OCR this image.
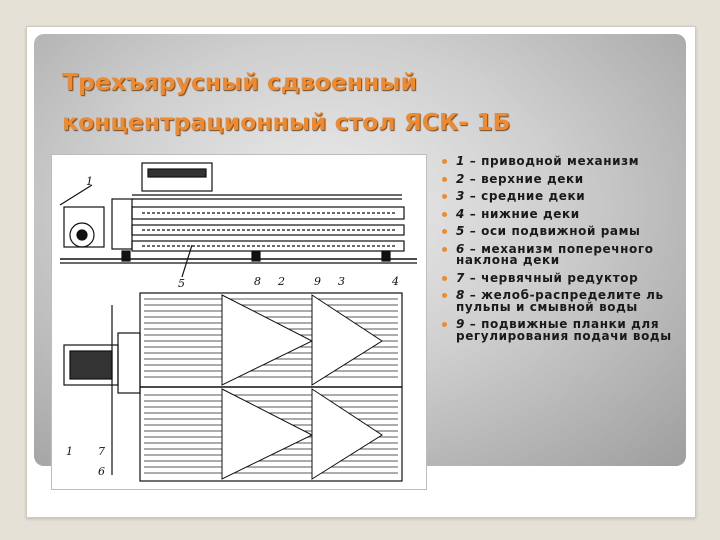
Трехъярусный сдвоенный
концентрационный стол ЯСК- 1Б
1
5	8 2	9 3	4
1 7
6
1 – приводной механизм
2 – верхние деки
3 – средние деки
4 – нижние деки
5 – оси подвижной рамы
6 – механизм поперечного наклона деки
7 – червячный редуктор
8 – желоб-распределите ль пульпы и смывной воды
9 – подвижные планки для регулирования подачи воды
